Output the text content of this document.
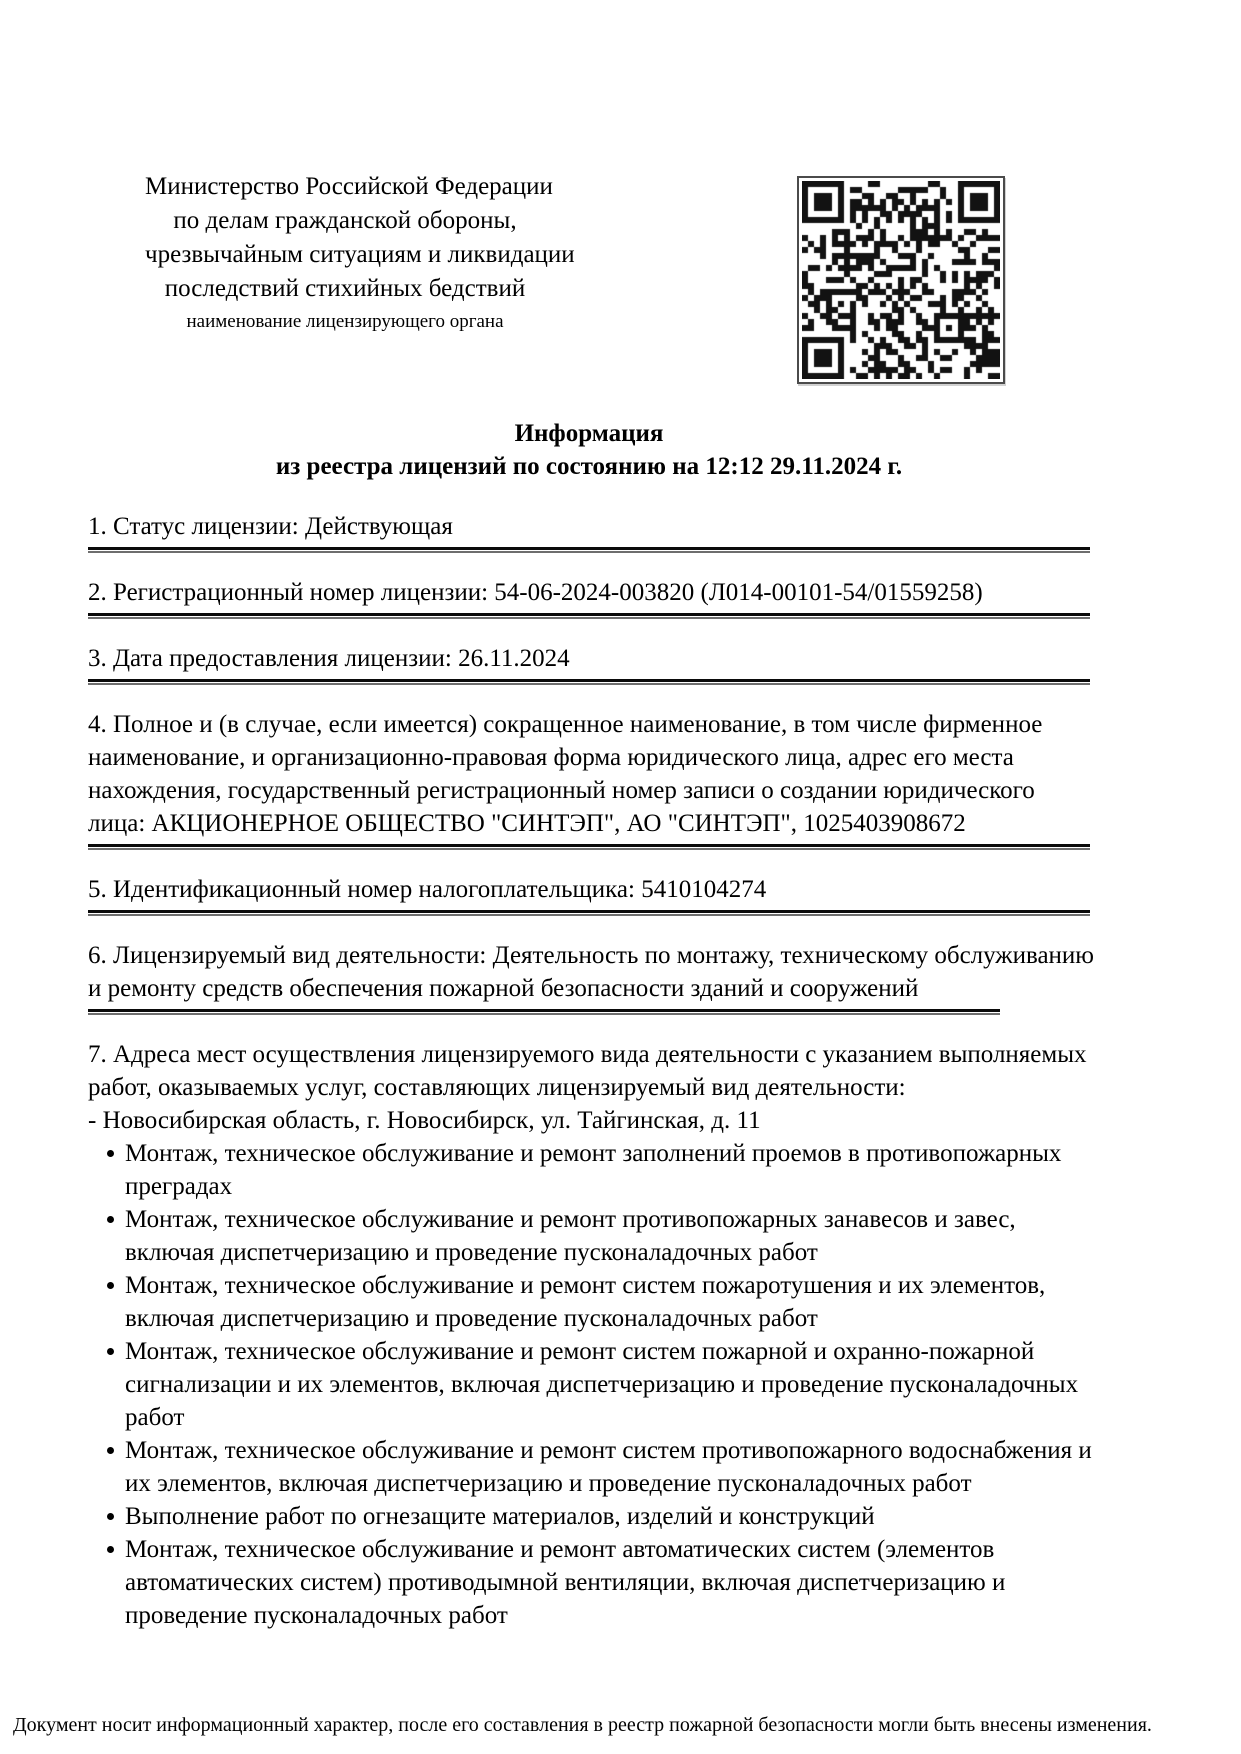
Министерство Российской Федерации
по делам гражданской обороны,
чрезвычайным ситуациям и ликвидации
последствий стихийных бедствий
наименование лицензирующего органа
Информация
из реестра лицензий по состоянию на 12:12 29.11.2024 г.
1. Статус лицензии: Действующая
2. Регистрационный номер лицензии: 54-06-2024-003820 (Л014-00101-54/01559258)
3. Дата предоставления лицензии: 26.11.2024
4. Полное и (в случае, если имеется) сокращенное наименование, в том числе фирменное
наименование, и организационно-правовая форма юридического лица, адрес его места
нахождения, государственный регистрационный номер записи о создании юридического
лица: АКЦИОНЕРНОЕ ОБЩЕСТВО "СИНТЭП", АО "СИНТЭП", 1025403908672
5. Идентификационный номер налогоплательщика: 5410104274
6. Лицензируемый вид деятельности: Деятельность по монтажу, техническому обслуживанию
и ремонту средств обеспечения пожарной безопасности зданий и сооружений
7. Адреса мест осуществления лицензируемого вида деятельности с указанием выполняемых
работ, оказываемых услуг, составляющих лицензируемый вид деятельности:
- Новосибирская область, г. Новосибирск, ул. Тайгинская, д. 11
Монтаж, техническое обслуживание и ремонт заполнений проемов в противопожарных
преградах
Монтаж, техническое обслуживание и ремонт противопожарных занавесов и завес,
включая диспетчеризацию и проведение пусконаладочных работ
Монтаж, техническое обслуживание и ремонт систем пожаротушения и их элементов,
включая диспетчеризацию и проведение пусконаладочных работ
Монтаж, техническое обслуживание и ремонт систем пожарной и охранно-пожарной
сигнализации и их элементов, включая диспетчеризацию и проведение пусконаладочных
работ
Монтаж, техническое обслуживание и ремонт систем противопожарного водоснабжения и
их элементов, включая диспетчеризацию и проведение пусконаладочных работ
Выполнение работ по огнезащите материалов, изделий и конструкций
Монтаж, техническое обслуживание и ремонт автоматических систем (элементов
автоматических систем) противодымной вентиляции, включая диспетчеризацию и
проведение пусконаладочных работ
Документ носит информационный характер, после его составления в реестр пожарной безопасности могли быть внесены изменения.
